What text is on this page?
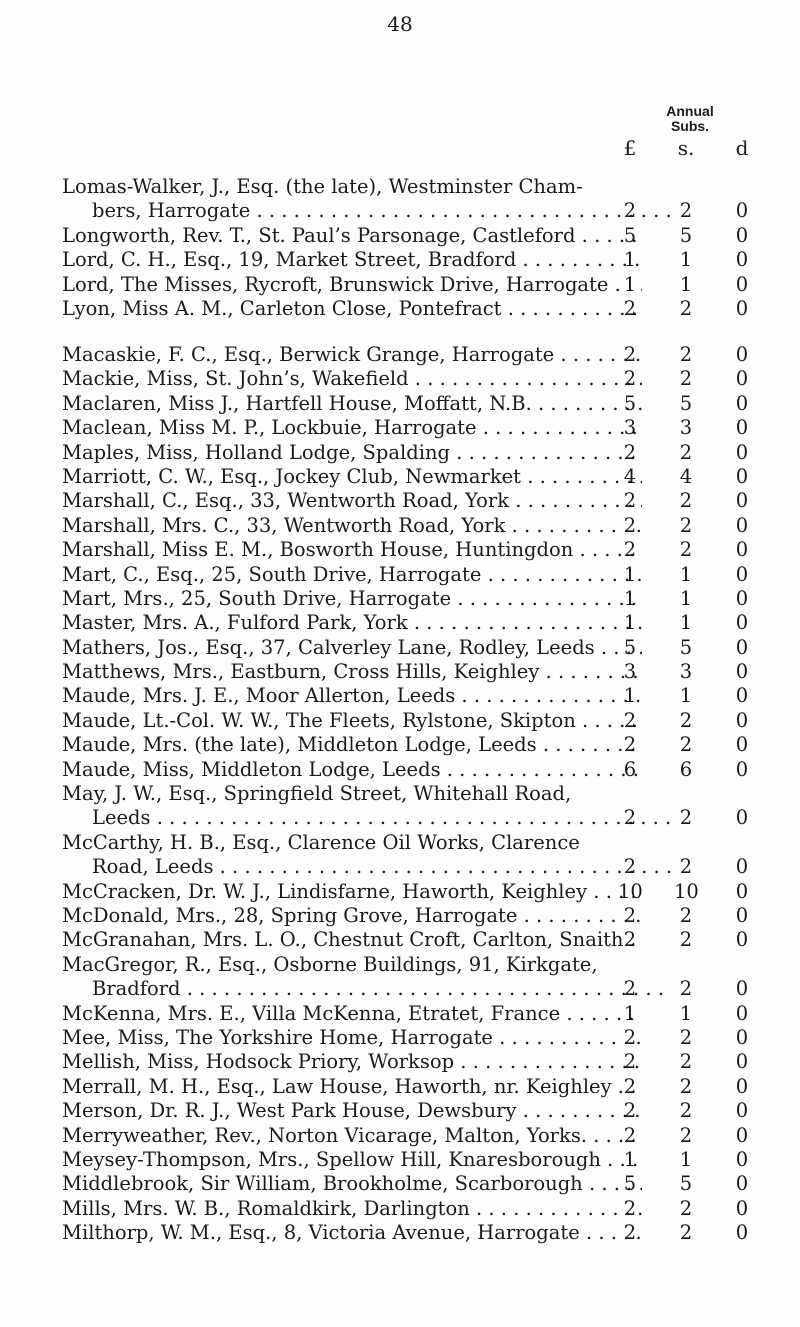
48
Annual
Subs.
£ s. d
Lomas-Walker, J., Esq. (the late), Westminster Cham-
bers, Harrogate . . .	2 2 0
Longworth, Rev. T., St. Paul’s Parsonage, Castleford . . . 5 5 0
Lord, C. H., Esq., 19, Market Street, Bradford . . .	1 1 0
Lord, The Misses, Rycroft, Brunswick Drive, Harrogate . . . 1 1 0
Lyon, Miss A. M., Carleton Close, Pontefract . . .	2 2 0
Macaskie, F. C., Esq., Berwick Grange, Harrogate . . .	2 2 0
Mackie, Miss, St. John’s, Wakefield . . .	2 2 0
Maclaren, Miss J., Hartfell House, Moffatt, N.B. . . .	5 5 0
Maclean, Miss M. P., Lockbuie, Harrogate . . .	3 3 0
Maples, Miss, Holland Lodge, Spalding . . .	2 2 0
Marriott, C. W., Esq., Jockey Club, Newmarket . . .	4 4 0
Marshall, C., Esq., 33, Wentworth Road, York . . .	2 2 0
Marshall, Mrs. C., 33, Wentworth Road, York . . .	2 2 0
Marshall, Miss E. M., Bosworth House, Huntingdon . . .	2 2 0
Mart, C., Esq., 25, South Drive, Harrogate . . .	1 1 0
Mart, Mrs., 25, South Drive, Harrogate . . .	1 1 0
Master, Mrs. A., Fulford Park, York . . .	1 1 0
Mathers, Jos., Esq., 37, Calverley Lane, Rodley, Leeds . . . 5 5 0
Matthews, Mrs., Eastburn, Cross Hills, Keighley . . .	3 3 0
Maude, Mrs. J. E., Moor Allerton, Leeds . . .	1 1 0
Maude, Lt.-Col. W. W., The Fleets, Rylstone, Skipton . . . 2 2 0
Maude, Mrs. (the late), Middleton Lodge, Leeds . . .	2 2 0
Maude, Miss, Middleton Lodge, Leeds . . .	6 6 0
May, J. W., Esq., Springfield Street, Whitehall Road,
Leeds . . .	2 2 0
McCarthy, H. B., Esq., Clarence Oil Works, Clarence
Road, Leeds . . .	2 2 0
McCracken, Dr. W. J., Lindisfarne, Haworth, Keighley . . . 10 10 0
McDonald, Mrs., 28, Spring Grove, Harrogate . . .	2 2 0
McGranahan, Mrs. L. O., Chestnut Croft, Carlton, Snaith . . . 2 2 0
MacGregor, R., Esq., Osborne Buildings, 91, Kirkgate,
Bradford . . .	2 2 0
McKenna, Mrs. E., Villa McKenna, Etratet, France . . .	1 1 0
Mee, Miss, The Yorkshire Home, Harrogate . . .	2 2 0
Mellish, Miss, Hodsock Priory, Worksop . . .	2 2 0
Merrall, M. H., Esq., Law House, Haworth, nr. Keighley . . . 2 2 0
Merson, Dr. R. J., West Park House, Dewsbury . . .	2 2 0
Merryweather, Rev., Norton Vicarage, Malton, Yorks. . . . 2 2 0
Meysey-Thompson, Mrs., Spellow Hill, Knaresborough . . . 1 1 0
Middlebrook, Sir William, Brookholme, Scarborough . . . 5 5 0
Mills, Mrs. W. B., Romaldkirk, Darlington . . .	2 2 0
Milthorp, W. M., Esq., 8, Victoria Avenue, Harrogate . . . 2 2 0
